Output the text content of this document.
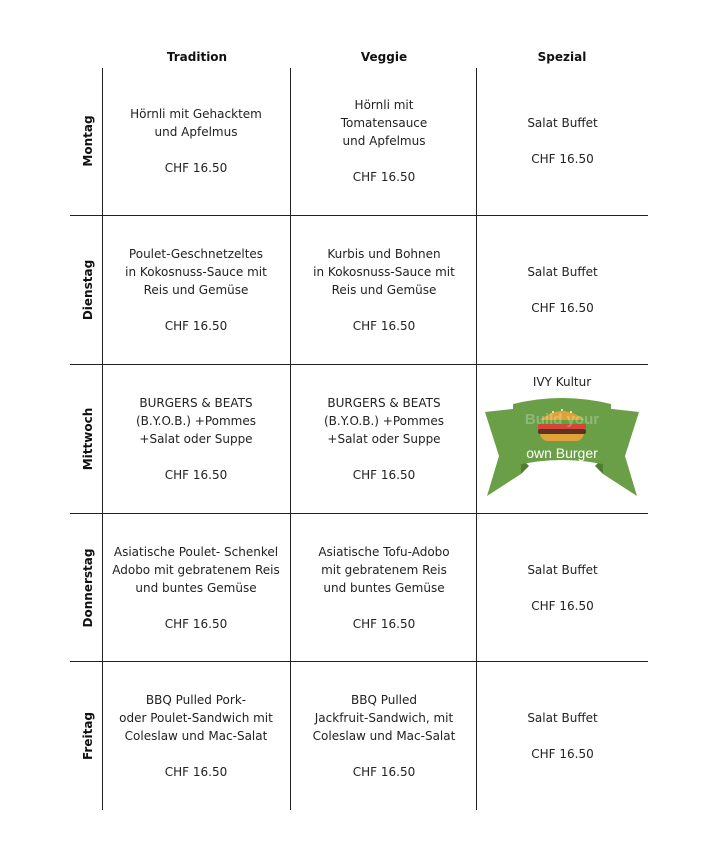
Tradition	Veggie	Spezial
Montag
Hörnli mit Gehacktem
und Apfelmus
CHF 16.50
Hörnli mit
Tomatensauce
und Apfelmus
CHF 16.50
Salat Buffet
CHF 16.50
Dienstag
Poulet-Geschnetzeltes
in Kokosnuss-Sauce mit
Reis und Gemüse
CHF 16.50
Kurbis und Bohnen
in Kokosnuss-Sauce mit
Reis und Gemüse
CHF 16.50
Salat Buffet
CHF 16.50
Mittwoch
BURGERS & BEATS
(B.Y.O.B.) +Pommes
+Salat oder Suppe
CHF 16.50
BURGERS & BEATS
(B.Y.O.B.) +Pommes
+Salat oder Suppe
CHF 16.50
IVY Kultur
Build your
own Burger
Donnerstag Asiatische Poulet- Schenkel
Adobo mit gebratenem Reis
und buntes Gemüse
CHF 16.50
Asiatische Tofu-Adobo
mit gebratenem Reis
und buntes Gemüse
CHF 16.50
Salat Buffet
CHF 16.50
Freitag
BBQ Pulled Pork-
oder Poulet-Sandwich mit
Coleslaw und Mac-Salat
CHF 16.50
BBQ Pulled
Jackfruit-Sandwich, mit
Coleslaw und Mac-Salat
CHF 16.50
Salat Buffet
CHF 16.50
